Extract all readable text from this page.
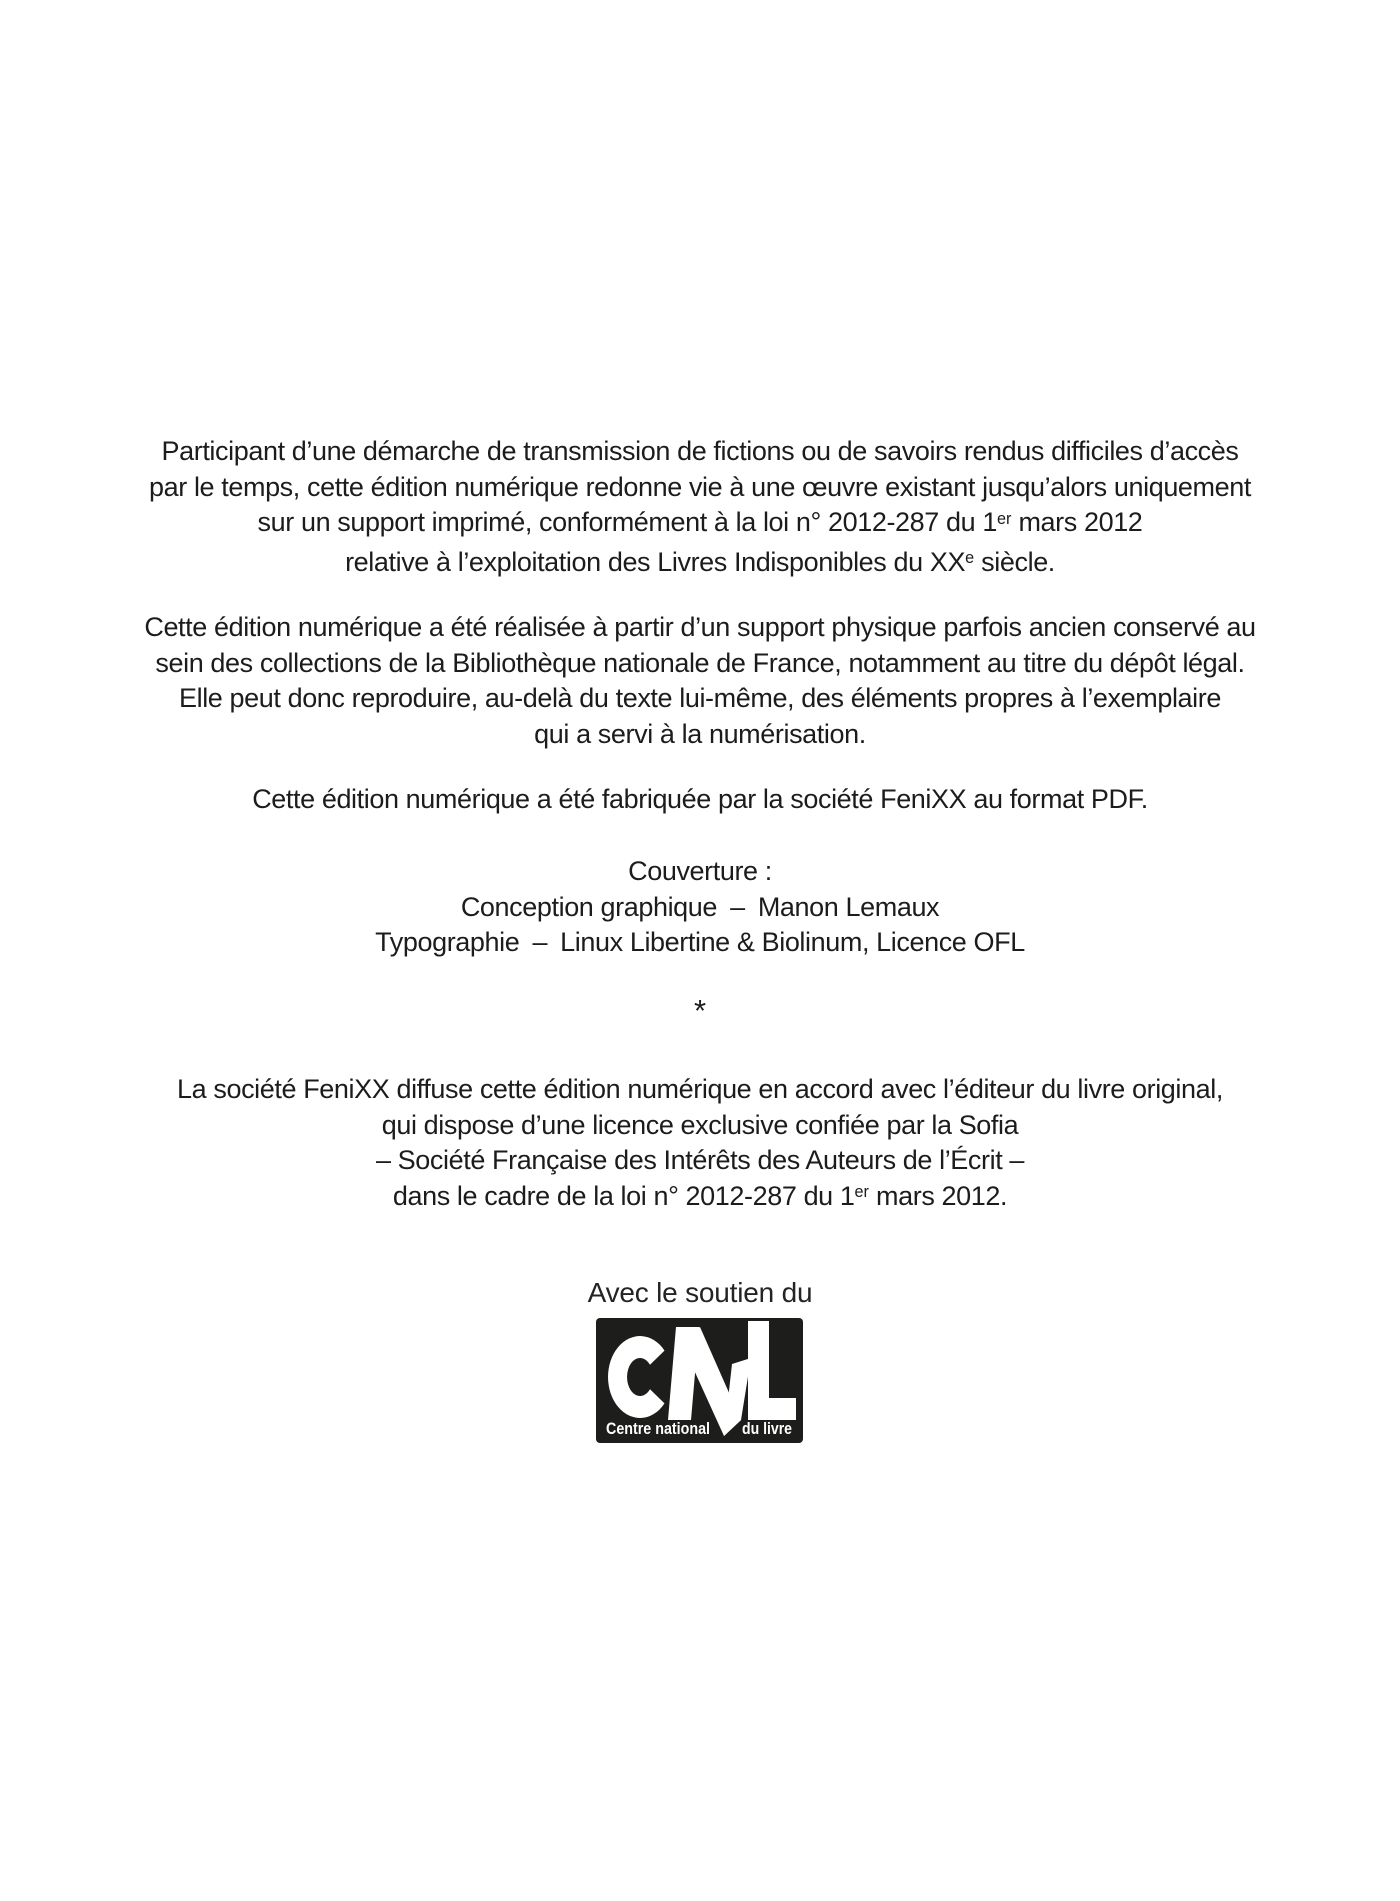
Participant d’une démarche de transmission de fictions ou de savoirs rendus difficiles d’accès
par le temps, cette édition numérique redonne vie à une œuvre existant jusqu’alors uniquement
sur un support imprimé, conformément à la loi n° 2012-287 du 1er mars 2012
relative à l’exploitation des Livres Indisponibles du XXe siècle.
Cette édition numérique a été réalisée à partir d’un support physique parfois ancien conservé au
sein des collections de la Bibliothèque nationale de France, notamment au titre du dépôt légal.
Elle peut donc reproduire, au-delà du texte lui-même, des éléments propres à l’exemplaire
qui a servi à la numérisation.
Cette édition numérique a été fabriquée par la société FeniXX au format PDF.
Couverture :
Conception graphique – Manon Lemaux
Typographie – Linux Libertine & Biolinum, Licence OFL
*
La société FeniXX diffuse cette édition numérique en accord avec l’éditeur du livre original,
qui dispose d’une licence exclusive confiée par la Sofia
– Société Française des Intérêts des Auteurs de l’Écrit –
dans le cadre de la loi n° 2012-287 du 1er mars 2012.
Avec le soutien du
Centre national du livre
